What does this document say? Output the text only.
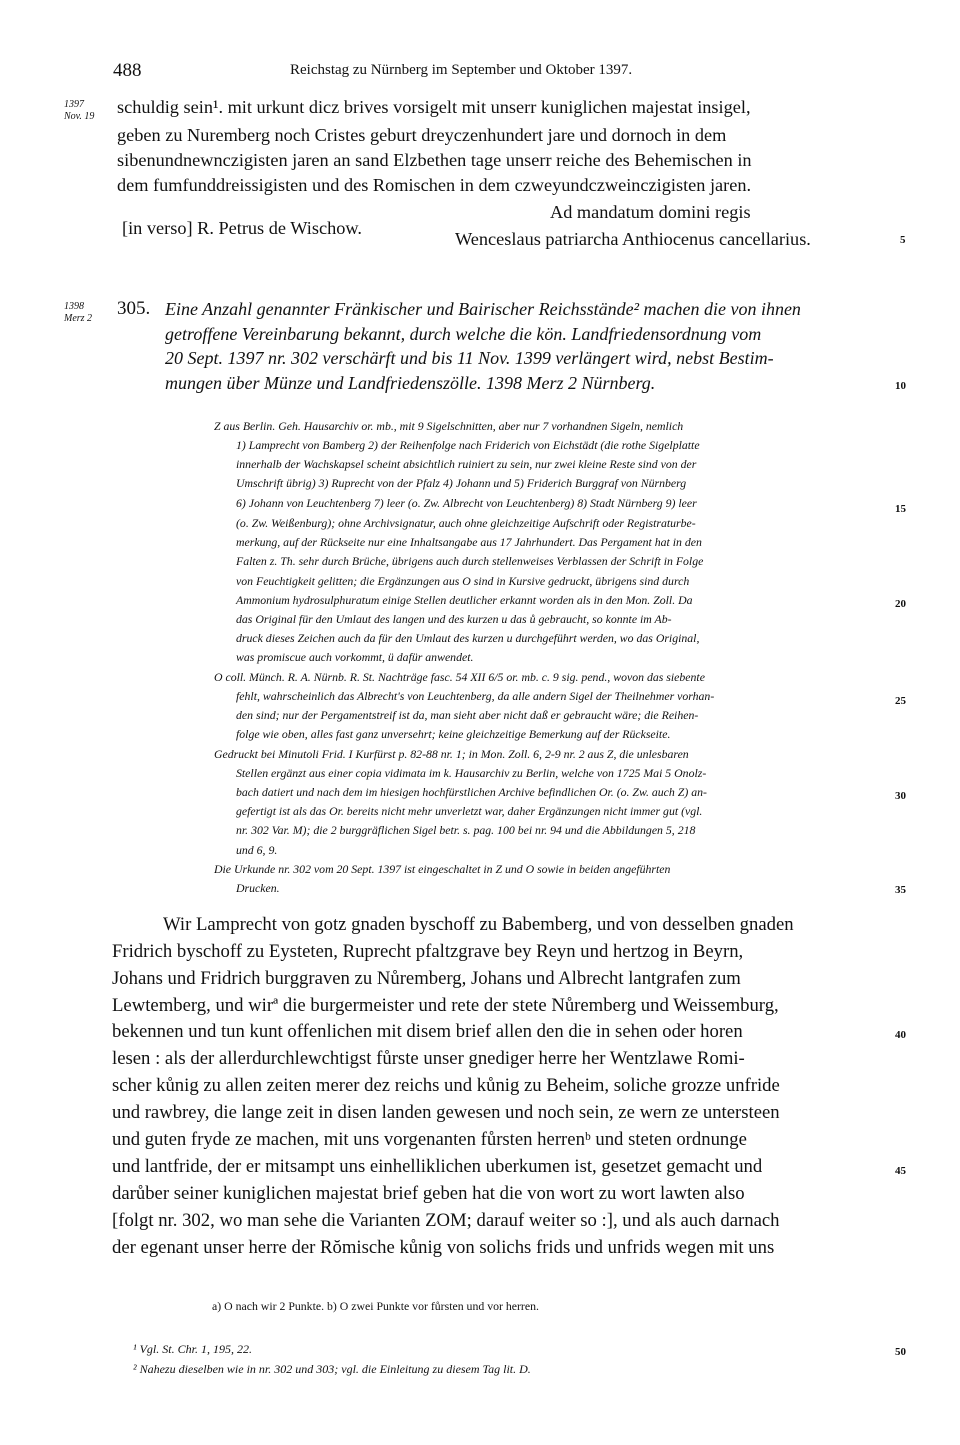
488	Reichstag zu Nürnberg im September und Oktober 1397.
1397
Nov. 19
1398
Merz 2
schuldig sein¹. mit urkunt dicz brives vorsigelt mit unserr kuniglichen majestat insigel,
geben zu Nuremberg noch Cristes geburt dreyczenhundert jare und dornoch in dem
sibenundnewnczigisten jaren an sand Elzbethen tage unserr reiche des Behemischen in
dem fumfunddreissigisten und des Romischen in dem czweyundczweinczigisten jaren.
Ad mandatum domini regis
[in verso] R. Petrus de Wischow.
Wenceslaus patriarcha Anthiocenus cancellarius.
305. Eine Anzahl genannter Fränkischer und Bairischer Reichsstände² machen die von ihnen
getroffene Vereinbarung bekannt, durch welche die kön. Landfriedensordnung vom
20 Sept. 1397 nr. 302 verschärft und bis 11 Nov. 1399 verlängert wird, nebst Bestim-
mungen über Münze und Landfriedenszölle. 1398 Merz 2 Nürnberg.
Z aus Berlin. Geh. Hausarchiv or. mb., mit 9 Sigelschnitten, aber nur 7 vorhandnen Sigeln, nemlich
1) Lamprecht von Bamberg 2) der Reihenfolge nach Friderich von Eichstädt (die rothe Sigelplatte
innerhalb der Wachskapsel scheint absichtlich ruiniert zu sein, nur zwei kleine Reste sind von der
Umschrift übrig) 3) Ruprecht von der Pfalz 4) Johann und 5) Friderich Burggraf von Nürnberg
6) Johann von Leuchtenberg 7) leer (o. Zw. Albrecht von Leuchtenberg) 8) Stadt Nürnberg 9) leer
(o. Zw. Weißenburg); ohne Archivsignatur, auch ohne gleichzeitige Aufschrift oder Registraturbe-
merkung, auf der Rückseite nur eine Inhaltsangabe aus 17 Jahrhundert. Das Pergament hat in den
Falten z. Th. sehr durch Brüche, übrigens auch durch stellenweises Verblassen der Schrift in Folge
von Feuchtigkeit gelitten; die Ergänzungen aus O sind in Kursive gedruckt, übrigens sind durch
Ammonium hydrosulphuratum einige Stellen deutlicher erkannt worden als in den Mon. Zoll. Da
das Original für den Umlaut des langen und des kurzen u das ů gebraucht, so konnte im Ab-
druck dieses Zeichen auch da für den Umlaut des kurzen u durchgeführt werden, wo das Original,
was promiscue auch vorkommt, ü dafür anwendet.
O coll. Münch. R. A. Nürnb. R. St. Nachträge fasc. 54 XII 6/5 or. mb. c. 9 sig. pend., wovon das siebente
fehlt, wahrscheinlich das Albrecht's von Leuchtenberg, da alle andern Sigel der Theilnehmer vorhan-
den sind; nur der Pergamentstreif ist da, man sieht aber nicht daß er gebraucht wäre; die Reihen-
folge wie oben, alles fast ganz unversehrt; keine gleichzeitige Bemerkung auf der Rückseite.
Gedruckt bei Minutoli Frid. I Kurfürst p. 82-88 nr. 1; in Mon. Zoll. 6, 2-9 nr. 2 aus Z, die unlesbaren
Stellen ergänzt aus einer copia vidimata im k. Hausarchiv zu Berlin, welche von 1725 Mai 5 Onolz-
bach datiert und nach dem im hiesigen hochfürstlichen Archive befindlichen Or. (o. Zw. auch Z) an-
gefertigt ist als das Or. bereits nicht mehr unverletzt war, daher Ergänzungen nicht immer gut (vgl.
nr. 302 Var. M); die 2 burggräflichen Sigel betr. s. pag. 100 bei nr. 94 und die Abbildungen 5, 218
und 6, 9.
Die Urkunde nr. 302 vom 20 Sept. 1397 ist eingeschaltet in Z und O sowie in beiden angeführten
Drucken.
Wir Lamprecht von gotz gnaden byschoff zu Babemberg, und von desselben gnaden
Fridrich byschoff zu Eysteten, Ruprecht pfaltzgrave bey Reyn und hertzog in Beyrn,
Johans und Fridrich burggraven zu Nůremberg, Johans und Albrecht lantgrafen zum
Lewtemberg, und wirª die burgermeister und rete der stete Nůremberg und Weissemburg,
bekennen und tun kunt offenlichen mit disem brief allen den die in sehen oder horen
lesen : als der allerdurchlewchtigst fůrste unser gnediger herre her Wentzlawe Romi-
scher kůnig zu allen zeiten merer dez reichs und kůnig zu Beheim, soliche grozze unfride
und rawbrey, die lange zeit in disen landen gewesen und noch sein, ze wern ze untersteen
und guten fryde ze machen, mit uns vorgenanten fůrsten herrenᵇ und steten ordnunge
und lantfride, der er mitsampt uns einhelliklichen uberkumen ist, gesetzet gemacht und
darůber seiner kuniglichen majestat brief geben hat die von wort zu wort lawten also
[folgt nr. 302, wo man sehe die Varianten ZOM; darauf weiter so :], und als auch darnach
der egenant unser herre der Rŏmische kůnig von solichs frids und unfrids wegen mit uns
a) O nach wir 2 Punkte. b) O zwei Punkte vor fůrsten und vor herren.
¹ Vgl. St. Chr. 1, 195, 22.
² Nahezu dieselben wie in nr. 302 und 303; vgl. die Einleitung zu diesem Tag lit. D.
5
10
15
20
25
30
35
40
45
50
